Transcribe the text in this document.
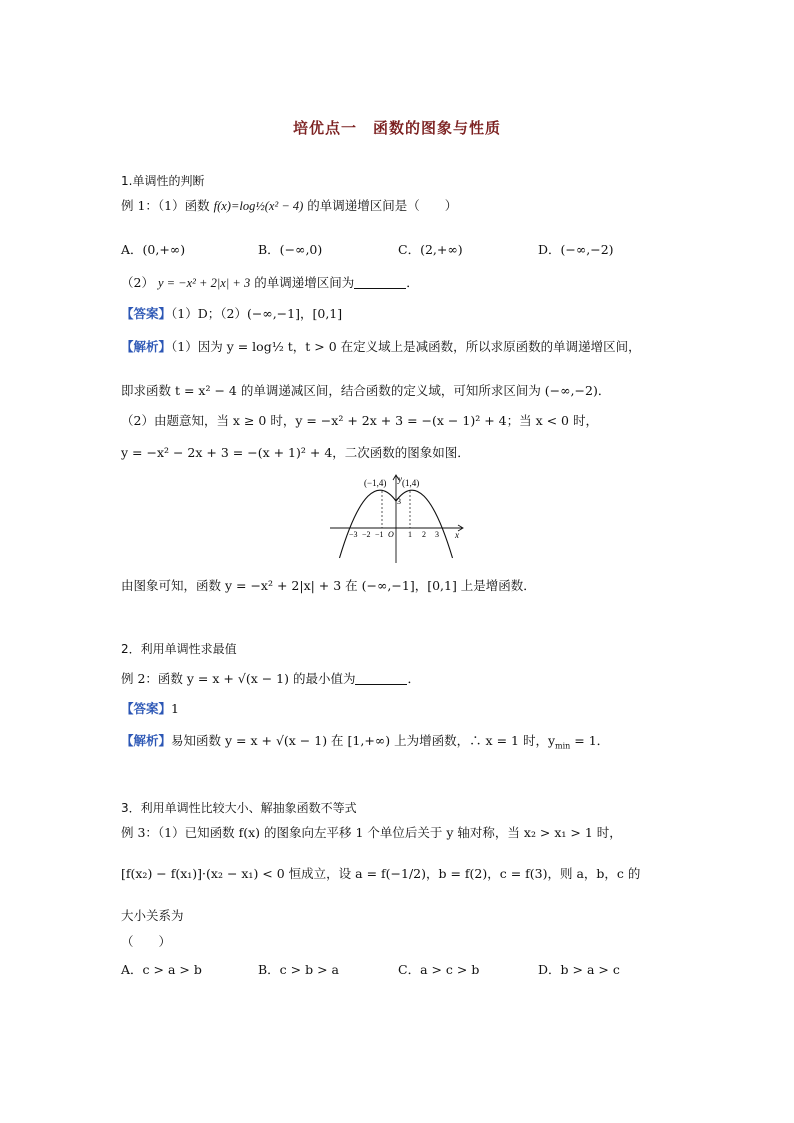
培优点一　函数的图象与性质
1.单调性的判断
例 1：（1）函数 f(x)=log½(x² − 4) 的单调递增区间是（　　）
A．(0,+∞)	B．(−∞,0)	C．(2,+∞)	D．(−∞,−2)
（2） y = −x² + 2|x| + 3 的单调递增区间为	．
【答案】（1）D；（2）(−∞,−1]，[0,1]
【解析】（1）因为 y = log½ t，t > 0 在定义域上是减函数，所以求原函数的单调递增区间，
即求函数 t = x² − 4 的单调递减区间，结合函数的定义域，可知所求区间为 (−∞,−2)．
（2）由题意知，当 x ≥ 0 时，y = −x² + 2x + 3 = −(x − 1)² + 4；当 x < 0 时，
y = −x² − 2x + 3 = −(x + 1)² + 4，二次函数的图象如图．
(−1,4) (1,4)
y
x
3
−3 −2 −1 O 1 2 3
由图象可知，函数 y = −x² + 2|x| + 3 在 (−∞,−1]，[0,1] 上是增函数．
2．利用单调性求最值
例 2：函数 y = x + √(x − 1) 的最小值为	．
【答案】1
【解析】易知函数 y = x + √(x − 1) 在 [1,+∞) 上为增函数，∴ x = 1 时，$y_{min} = 1$．
3．利用单调性比较大小、解抽象函数不等式
例 3：（1）已知函数 f(x) 的图象向左平移 1 个单位后关于 y 轴对称，当 x₂ > x₁ > 1 时，
[f(x₂) − f(x₁)]·(x₂ − x₁) < 0 恒成立，设 a = f(−1/2)，b = f(2)，c = f(3)，则 a，b，c 的
大小关系为
（　　）
A．c > a > b	B．c > b > a	C．a > c > b	D．b > a > c
